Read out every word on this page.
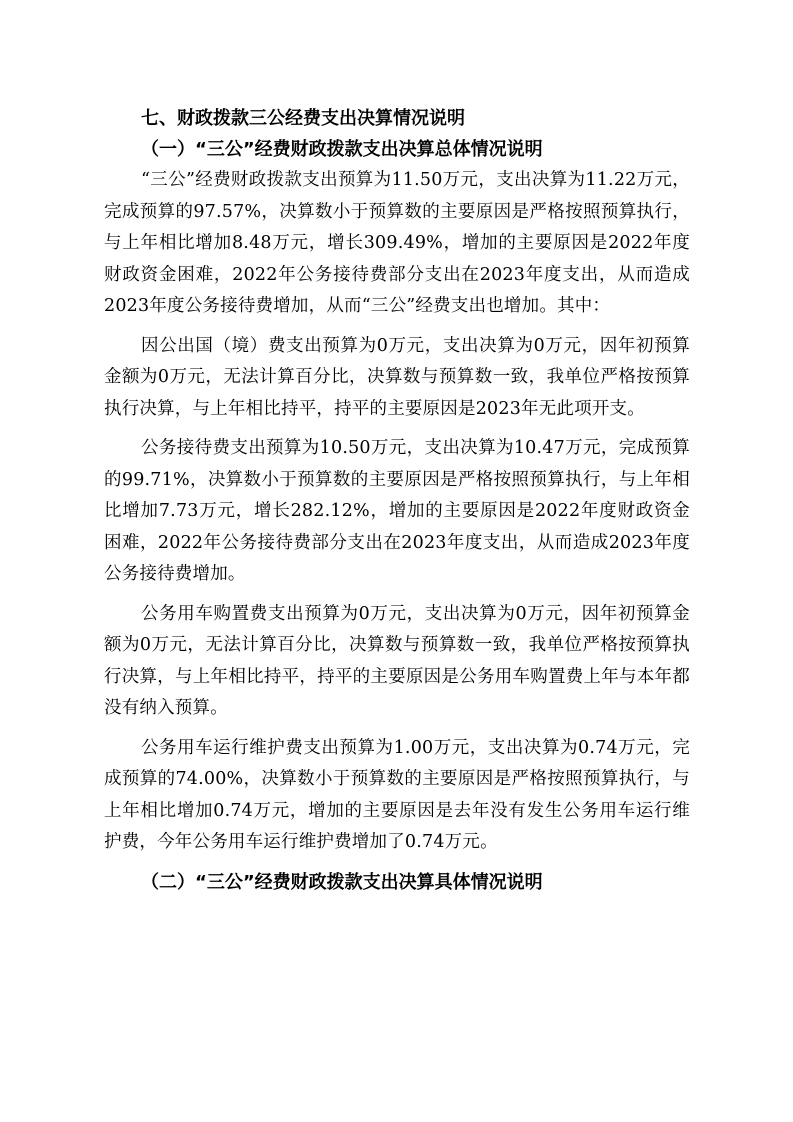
七、财政拨款三公经费支出决算情况说明

（一）“三公”经费财政拨款支出决算总体情况说明

“三公”经费财政拨款支出预算为11.50万元，支出决算为11.22万元，完成预算的97.57%，决算数小于预算数的主要原因是严格按照预算执行，与上年相比增加8.48万元，增长309.49%，增加的主要原因是2022年度财政资金困难，2022年公务接待费部分支出在2023年度支出，从而造成2023年度公务接待费增加，从而“三公”经费支出也增加。其中：

因公出国（境）费支出预算为0万元，支出决算为0万元，因年初预算金额为0万元，无法计算百分比，决算数与预算数一致，我单位严格按预算执行决算，与上年相比持平，持平的主要原因是2023年无此项开支。

公务接待费支出预算为10.50万元，支出决算为10.47万元，完成预算的99.71%，决算数小于预算数的主要原因是严格按照预算执行，与上年相比增加7.73万元，增长282.12%，增加的主要原因是2022年度财政资金困难，2022年公务接待费部分支出在2023年度支出，从而造成2023年度公务接待费增加。

公务用车购置费支出预算为0万元，支出决算为0万元，因年初预算金额为0万元，无法计算百分比，决算数与预算数一致，我单位严格按预算执行决算，与上年相比持平，持平的主要原因是公务用车购置费上年与本年都没有纳入预算。

公务用车运行维护费支出预算为1.00万元，支出决算为0.74万元，完成预算的74.00%，决算数小于预算数的主要原因是严格按照预算执行，与上年相比增加0.74万元，增加的主要原因是去年没有发生公务用车运行维护费，今年公务用车运行维护费增加了0.74万元。

（二）“三公”经费财政拨款支出决算具体情况说明
